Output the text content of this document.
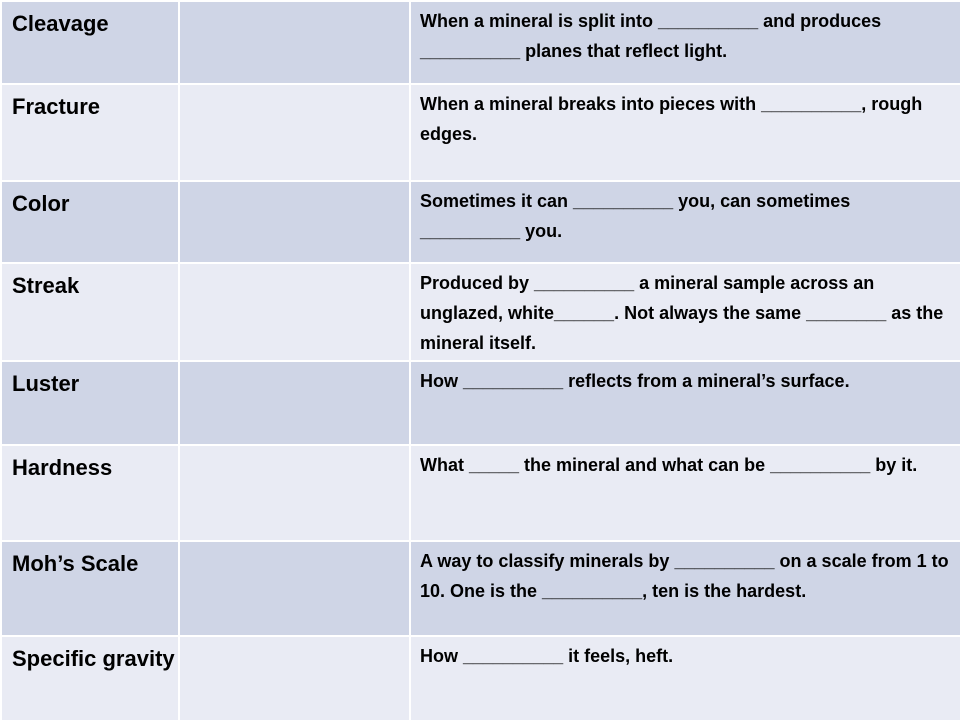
Cleavage		When a mineral is split into __________ and produces __________ planes that reflect light.
Fracture		When a mineral breaks into pieces with __________, rough edges.
Color		Sometimes it can __________ you, can sometimes __________ you.
Streak		Produced by __________ a mineral sample across an unglazed, white______. Not always the same ________ as the mineral itself.
Luster		How __________ reflects from a mineral’s surface.
Hardness		What _____ the mineral and what can be __________ by it.
Moh’s Scale		A way to classify minerals by __________ on a scale from 1 to 10. One is the __________, ten is the hardest.
Specific gravity		How __________ it feels, heft.
